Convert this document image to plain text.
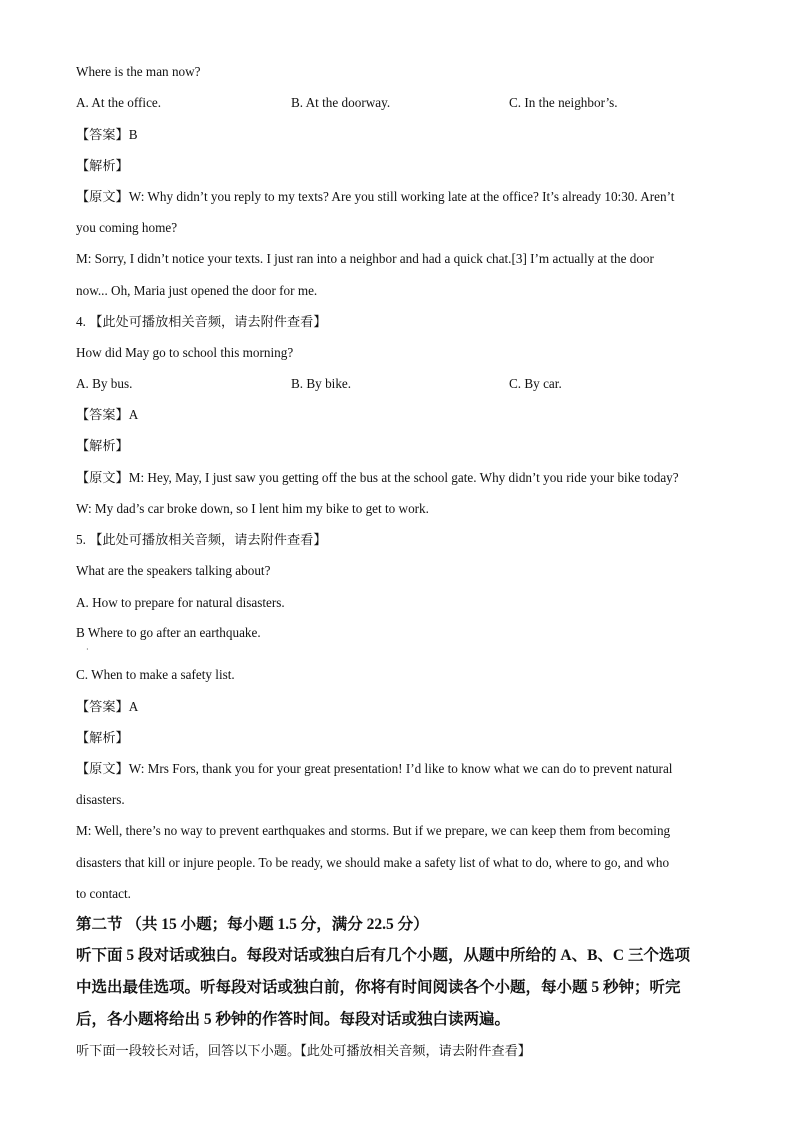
Where is the man now?
A. At the office.	B. At the doorway.	C. In the neighbor’s.
【答案】B
【解析】
【原文】W: Why didn’t you reply to my texts? Are you still working late at the office? It’s already 10:30. Aren’t
you coming home?
M: Sorry, I didn’t notice your texts. I just ran into a neighbor and had a quick chat.[3] I’m actually at the door
now... Oh, Maria just opened the door for me.
4. 【此处可播放相关音频，请去附件查看】
How did May go to school this morning?
A. By bus.	B. By bike.	C. By car.
【答案】A
【解析】
【原文】M: Hey, May, I just saw you getting off the bus at the school gate. Why didn’t you ride your bike today?
W: My dad’s car broke down, so I lent him my bike to get to work.
5. 【此处可播放相关音频，请去附件查看】
What are the speakers talking about?
A. How to prepare for natural disasters.
B Where to go after an earthquake.
·
C. When to make a safety list.
【答案】A
【解析】
【原文】W: Mrs Fors, thank you for your great presentation! I’d like to know what we can do to prevent natural
disasters.
M: Well, there’s no way to prevent earthquakes and storms. But if we prepare, we can keep them from becoming
disasters that kill or injure people. To be ready, we should make a safety list of what to do, where to go, and who
to contact.
第二节 （共 15 小题；每小题 1.5 分，满分 22.5 分）
听下面 5 段对话或独白。每段对话或独白后有几个小题，从题中所给的 A、B、C 三个选项
中选出最佳选项。听每段对话或独白前，你将有时间阅读各个小题，每小题 5 秒钟；听完
后，各小题将给出 5 秒钟的作答时间。每段对话或独白读两遍。
听下面一段较长对话，回答以下小题。【此处可播放相关音频，请去附件查看】
